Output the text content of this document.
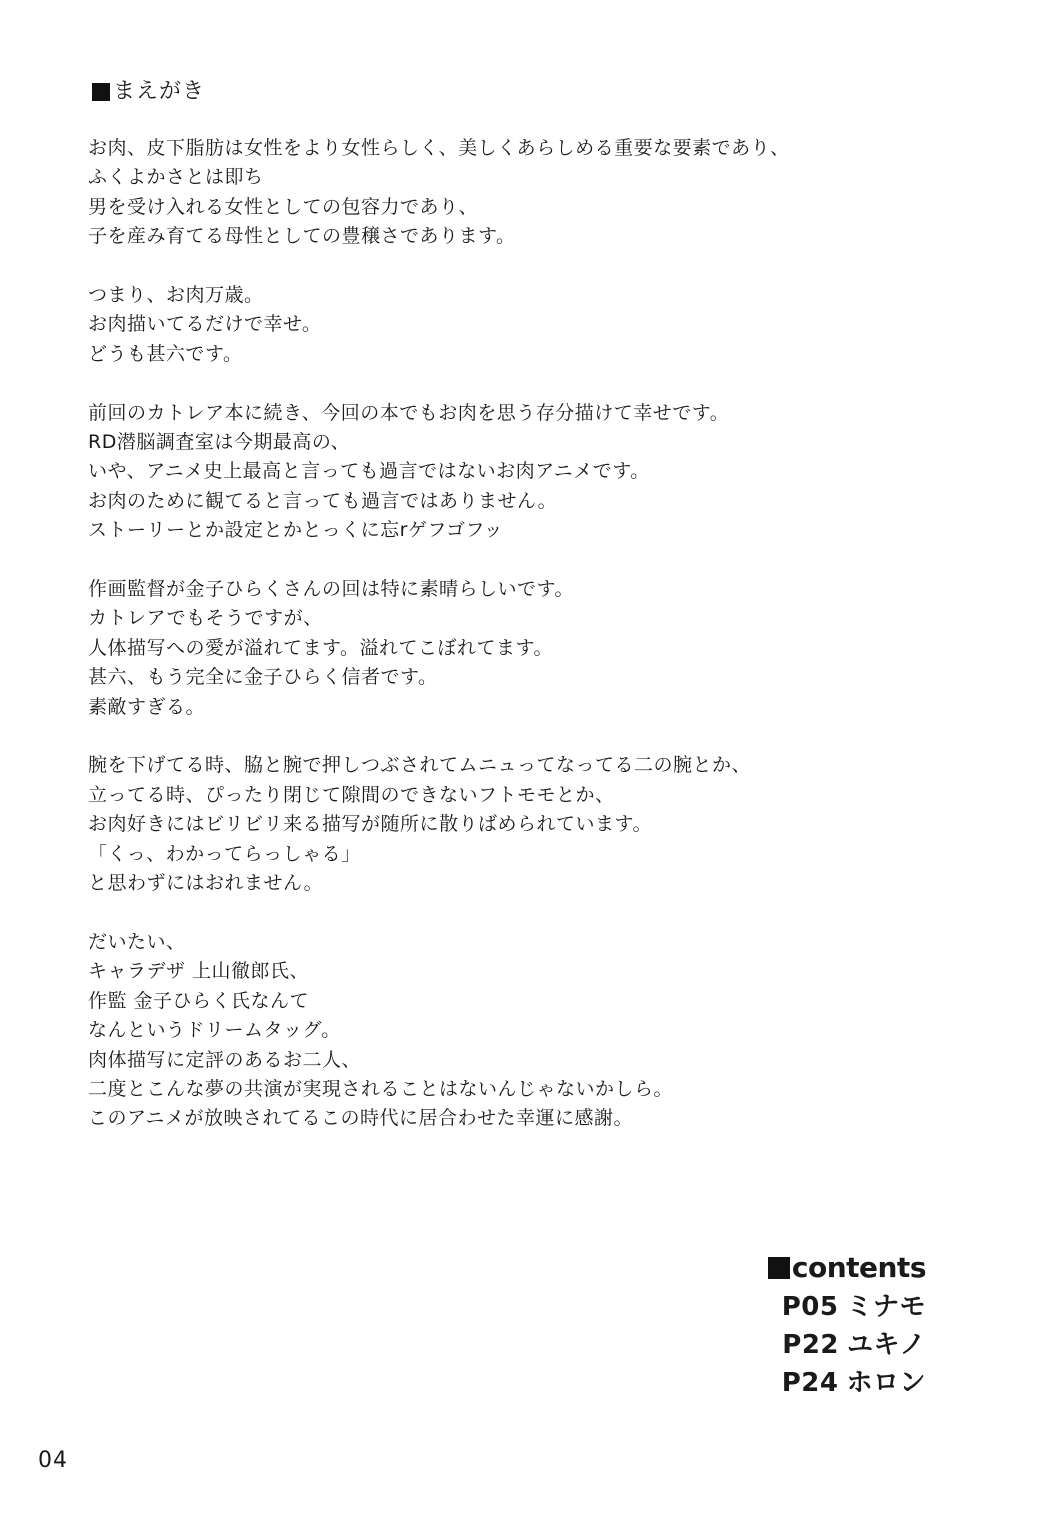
まえがき

お肉、皮下脂肪は女性をより女性らしく、美しくあらしめる重要な要素であり、
ふくよかさとは即ち
男を受け入れる女性としての包容力であり、
子を産み育てる母性としての豊穣さであります。

つまり、お肉万歳。
お肉描いてるだけで幸せ。
どうも甚六です。

前回のカトレア本に続き、今回の本でもお肉を思う存分描けて幸せです。
RD潜脳調査室は今期最高の、
いや、アニメ史上最高と言っても過言ではないお肉アニメです。
お肉のために観てると言っても過言ではありません。
ストーリーとか設定とかとっくに忘rゲフゴフッ

作画監督が金子ひらくさんの回は特に素晴らしいです。
カトレアでもそうですが、
人体描写への愛が溢れてます。溢れてこぼれてます。
甚六、もう完全に金子ひらく信者です。
素敵すぎる。

腕を下げてる時、脇と腕で押しつぶされてムニュってなってる二の腕とか、
立ってる時、ぴったり閉じて隙間のできないフトモモとか、
お肉好きにはビリビリ来る描写が随所に散りばめられています。
「くっ、わかってらっしゃる」
と思わずにはおれません。

だいたい、
キャラデザ 上山徹郎氏、
作監 金子ひらく氏なんて
なんというドリームタッグ。
肉体描写に定評のあるお二人、
二度とこんな夢の共演が実現されることはないんじゃないかしら。
このアニメが放映されてるこの時代に居合わせた幸運に感謝。

contents
P05 ミナモ
P22 ユキノ
P24 ホロン
04
